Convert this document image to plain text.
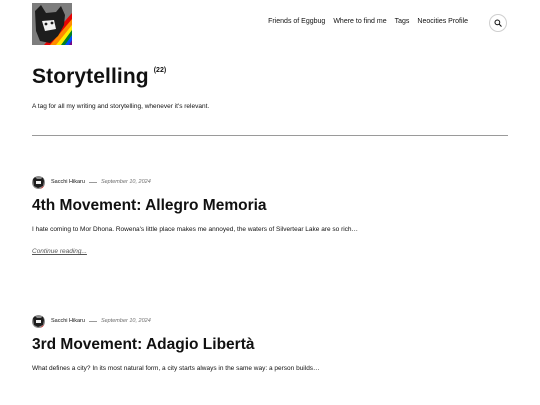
Friends of Eggbug Where to find me Tags Neocities Profile
Storytelling (22)
A tag for all my writing and storytelling, whenever it's relevant.
Sacchi Hikaru	September 10, 2024
4th Movement: Allegro Memoria
I hate coming to Mor Dhona. Rowena's little place makes me annoyed, the waters of Silvertear Lake are so rich…
Continue reading...
Sacchi Hikaru	September 10, 2024
3rd Movement: Adagio Libertà
What defines a city? In its most natural form, a city starts always in the same way: a person builds…
